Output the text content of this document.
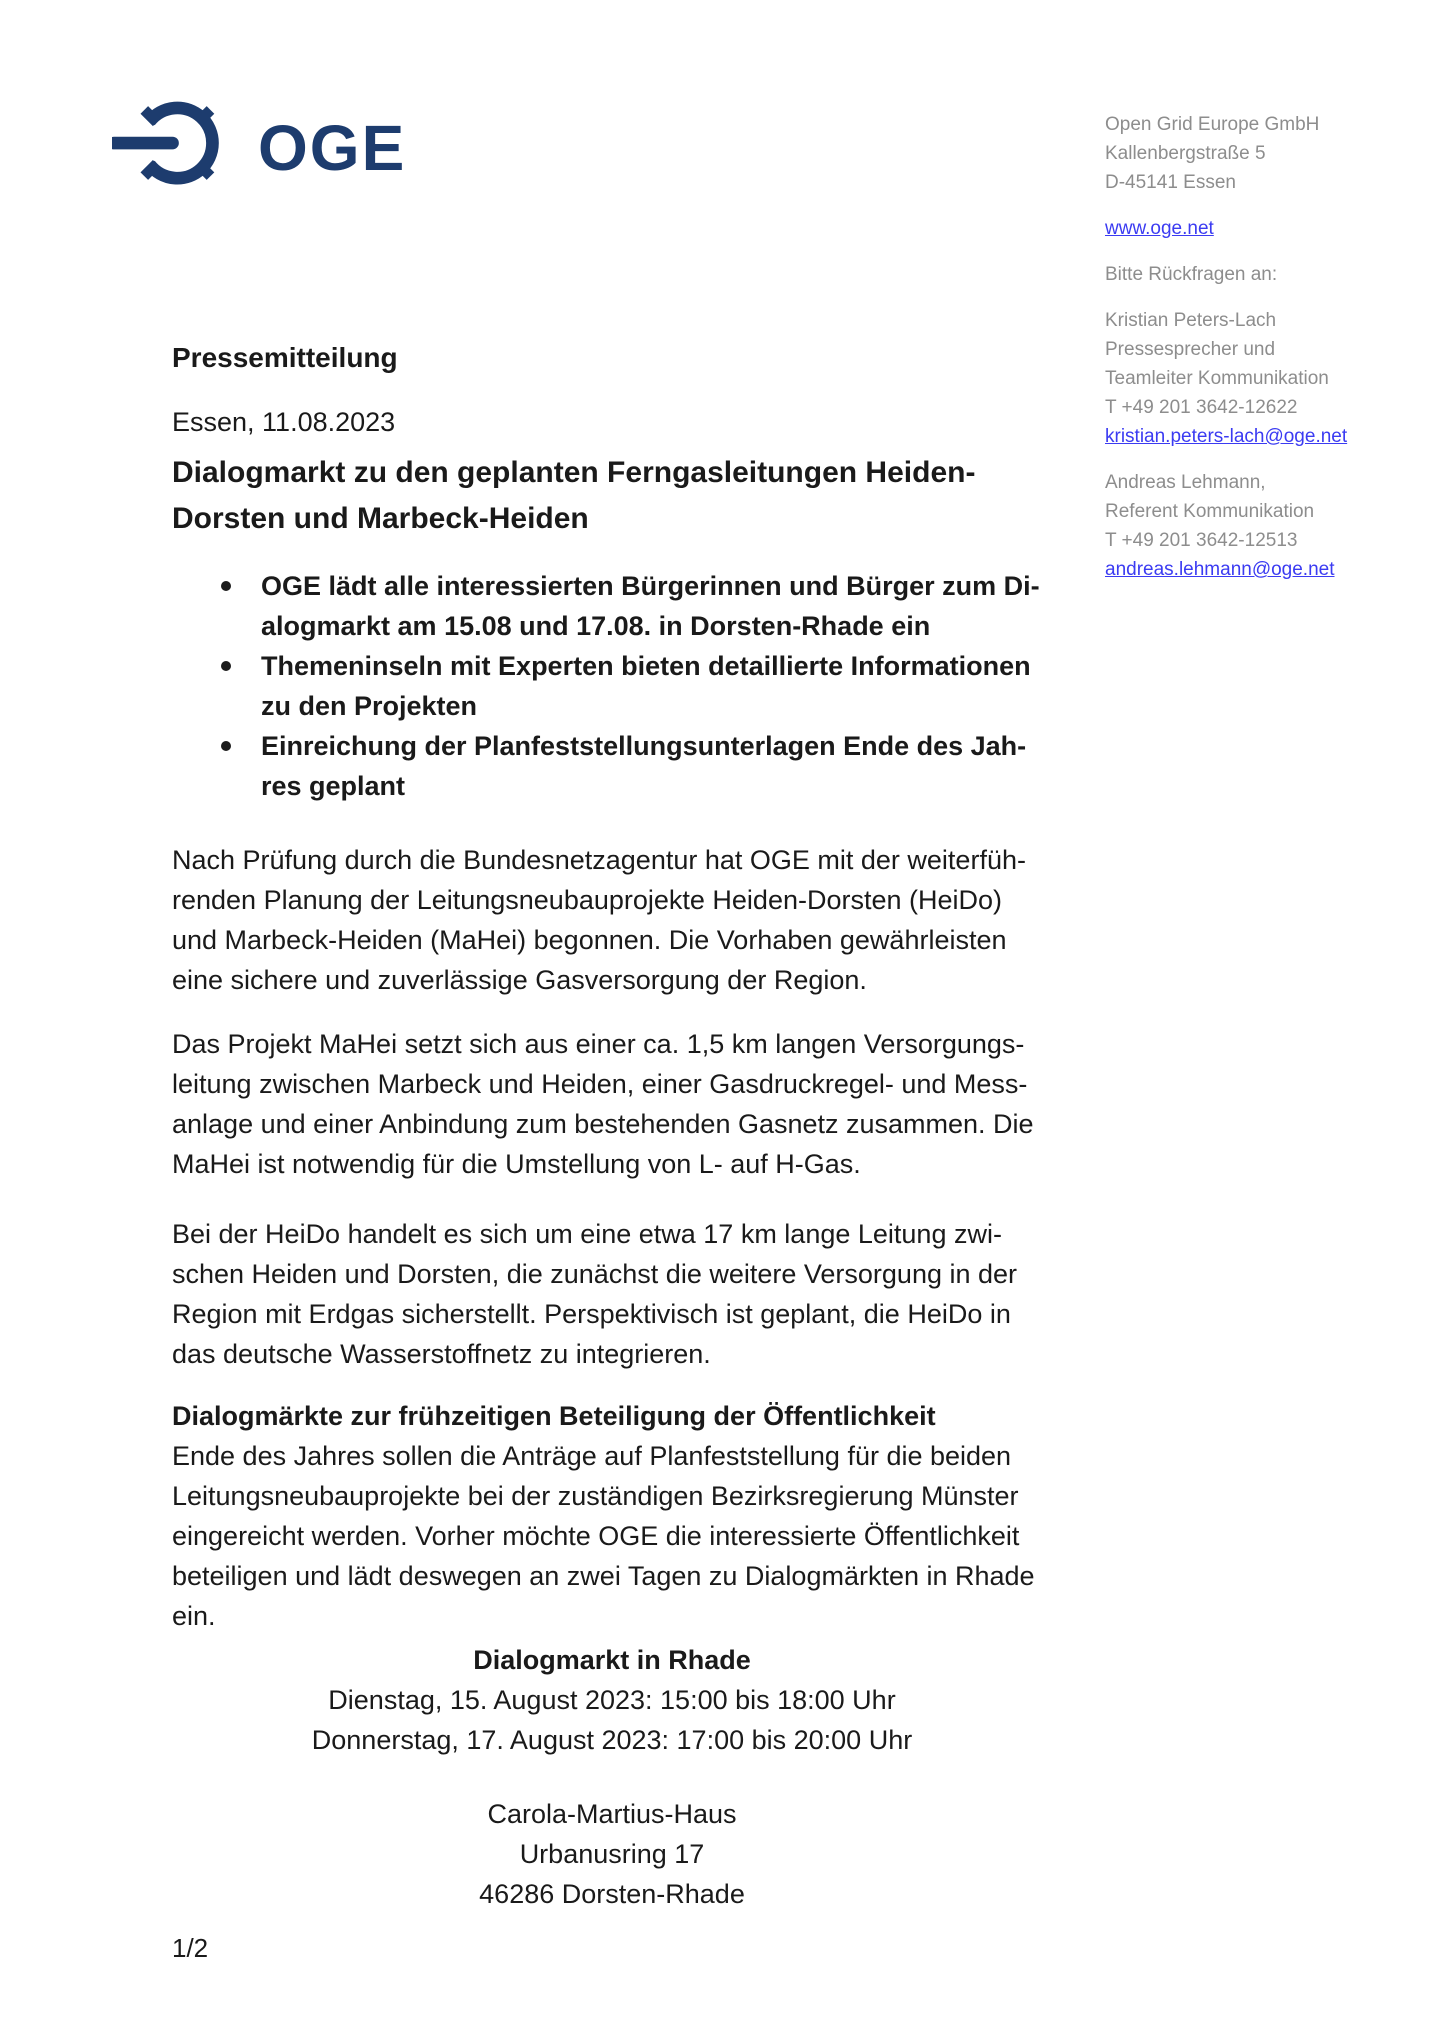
OGE	Open Grid Europe GmbH
Kallenbergstraße 5
D-45141 Essen
www.oge.net
Bitte Rückfragen an:
Kristian Peters-Lach
Pressesprecher und
Teamleiter Kommunikation
T +49 201 3642-12622
kristian.peters-lach@oge.net
Andreas Lehmann,
Referent Kommunikation
T +49 201 3642-12513
andreas.lehmann@oge.net
Pressemitteilung
Essen, 11.08.2023
Dialogmarkt zu den geplanten Ferngasleitungen Heiden-
Dorsten und Marbeck-Heiden
OGE lädt alle interessierten Bürgerinnen und Bürger zum Di-
alogmarkt am 15.08 und 17.08. in Dorsten-Rhade ein
Themeninseln mit Experten bieten detaillierte Informationen
zu den Projekten
Einreichung der Planfeststellungsunterlagen Ende des Jah-
res geplant

Nach Prüfung durch die Bundesnetzagentur hat OGE mit der weiterfüh-
renden Planung der Leitungsneubauprojekte Heiden-Dorsten (HeiDo)
und Marbeck-Heiden (MaHei) begonnen. Die Vorhaben gewährleisten
eine sichere und zuverlässige Gasversorgung der Region.

Das Projekt MaHei setzt sich aus einer ca. 1,5 km langen Versorgungs-
leitung zwischen Marbeck und Heiden, einer Gasdruckregel- und Mess-
anlage und einer Anbindung zum bestehenden Gasnetz zusammen. Die
MaHei ist notwendig für die Umstellung von L- auf H-Gas.

Bei der HeiDo handelt es sich um eine etwa 17 km lange Leitung zwi-
schen Heiden und Dorsten, die zunächst die weitere Versorgung in der
Region mit Erdgas sicherstellt. Perspektivisch ist geplant, die HeiDo in
das deutsche Wasserstoffnetz zu integrieren.

Dialogmärkte zur frühzeitigen Beteiligung der Öffentlichkeit

Ende des Jahres sollen die Anträge auf Planfeststellung für die beiden
Leitungsneubauprojekte bei der zuständigen Bezirksregierung Münster
eingereicht werden. Vorher möchte OGE die interessierte Öffentlichkeit
beteiligen und lädt deswegen an zwei Tagen zu Dialogmärkten in Rhade
ein.

Dialogmarkt in Rhade
Dienstag, 15. August 2023: 15:00 bis 18:00 Uhr
Donnerstag, 17. August 2023: 17:00 bis 20:00 Uhr
Carola-Martius-Haus
Urbanusring 17
46286 Dorsten-Rhade
1/2
